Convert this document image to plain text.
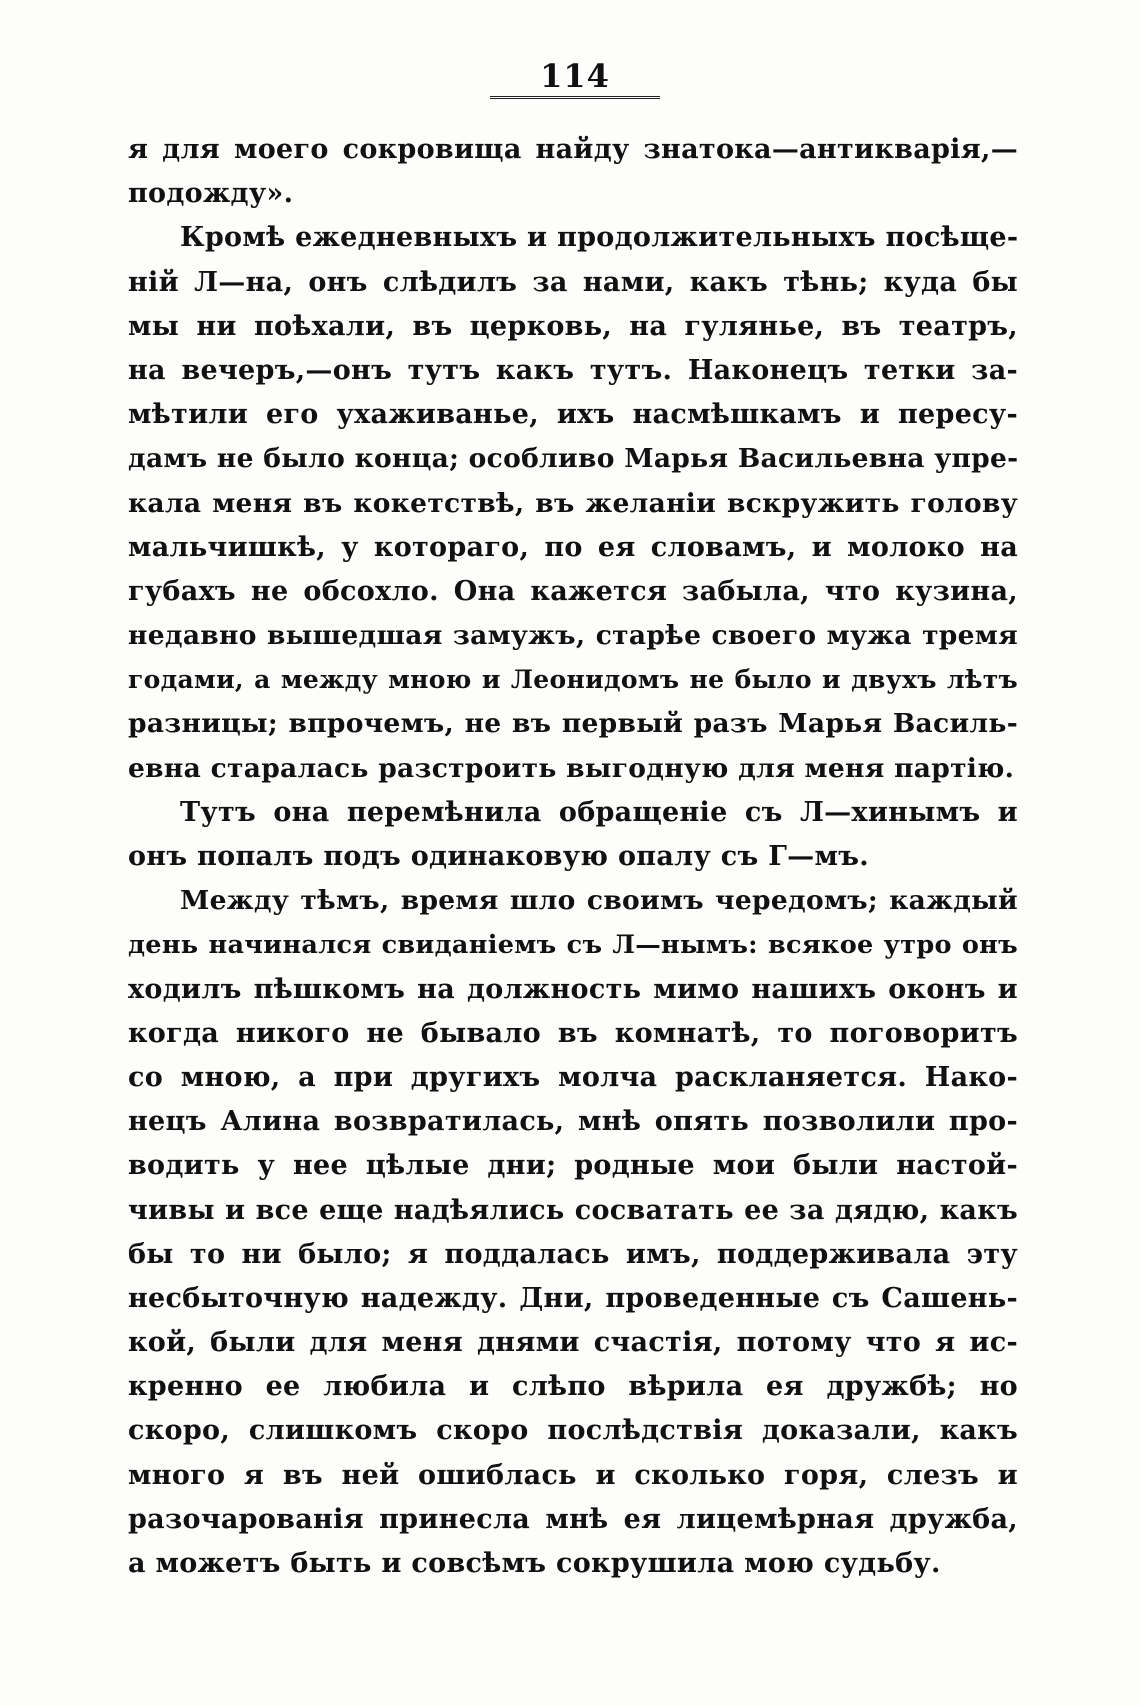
114
я для моего сокровища найду знатока—антикварія,—
подожду».
Кромѣ ежедневныхъ и продолжительныхъ посѣще-
ній Л—на, онъ слѣдилъ за нами, какъ тѣнь; куда бы
мы ни поѣхали, въ церковь, на гулянье, въ театръ,
на вечеръ,—онъ тутъ какъ тутъ. Наконецъ тетки за-
мѣтили его ухаживанье, ихъ насмѣшкамъ и пересу-
дамъ не было конца; особливо Марья Васильевна упре-
кала меня въ кокетствѣ, въ желаніи вскружить голову
мальчишкѣ, у котораго, по ея словамъ, и молоко на
губахъ не обсохло. Она кажется забыла, что кузина,
недавно вышедшая замужъ, старѣе своего мужа тремя
годами, а между мною и Леонидомъ не было и двухъ лѣтъ
разницы; впрочемъ, не въ первый разъ Марья Василь-
евна старалась разстроить выгодную для меня партію.
Тутъ она перемѣнила обращеніе съ Л—хинымъ и
онъ попалъ подъ одинаковую опалу съ Г—мъ.
Между тѣмъ, время шло своимъ чередомъ; каждый
день начинался свиданіемъ съ Л—нымъ: всякое утро онъ
ходилъ пѣшкомъ на должность мимо нашихъ оконъ и
когда никого не бывало въ комнатѣ, то поговоритъ
со мною, а при другихъ молча раскланяется. Нако-
нецъ Алина возвратилась, мнѣ опять позволили про-
водить у нее цѣлые дни; родные мои были настой-
чивы и все еще надѣялись сосватать ее за дядю, какъ
бы то ни было; я поддалась имъ, поддерживала эту
несбыточную надежду. Дни, проведенные съ Сашень-
кой, были для меня днями счастія, потому что я ис-
кренно ее любила и слѣпо вѣрила ея дружбѣ; но
скоро, слишкомъ скоро послѣдствія доказали, какъ
много я въ ней ошиблась и сколько горя, слезъ и
разочарованія принесла мнѣ ея лицемѣрная дружба,
а можетъ быть и совсѣмъ сокрушила мою судьбу.
